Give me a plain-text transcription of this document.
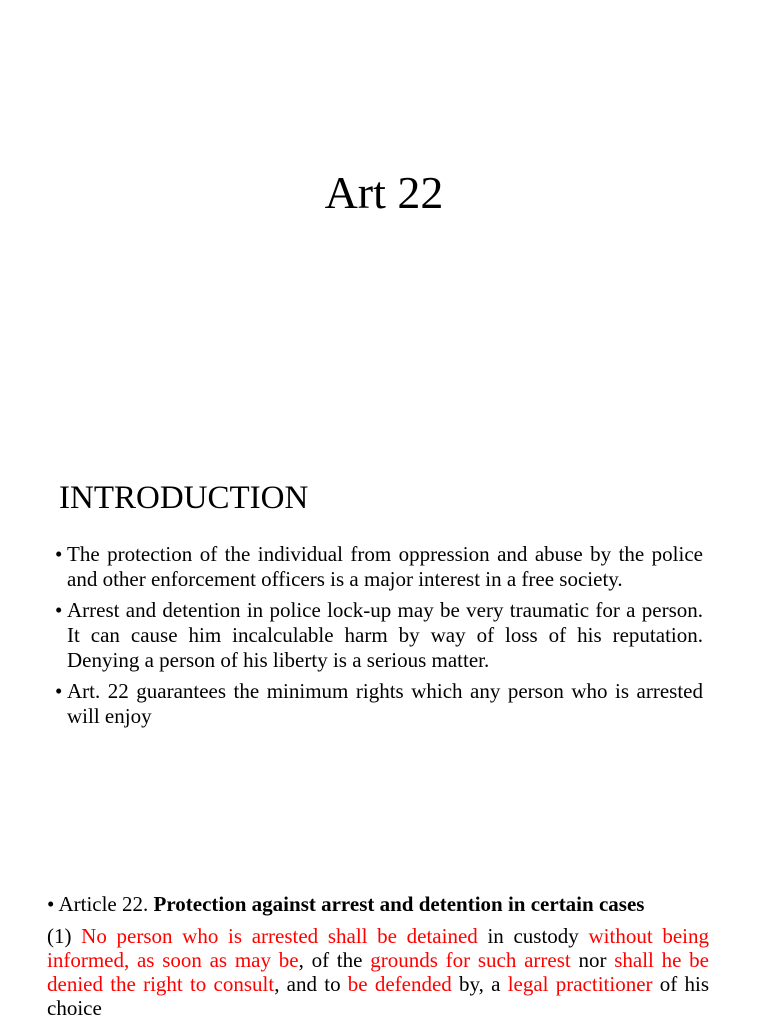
Art 22
INTRODUCTION
• The protection of the individual from oppression and abuse by the police and other enforcement officers is a major interest in a free society.
• Arrest and detention in police lock-up may be very traumatic for a person. It can cause him incalculable harm by way of loss of his reputation. Denying a person of his liberty is a serious matter.
• Art. 22 guarantees the minimum rights which any person who is arrested will enjoy
• Article 22. Protection against arrest and detention in certain cases

(1) No person who is arrested shall be detained in custody without being informed, as soon as may be, of the grounds for such arrest nor shall he be denied the right to consult, and to be defended by, a legal practitioner of his choice
